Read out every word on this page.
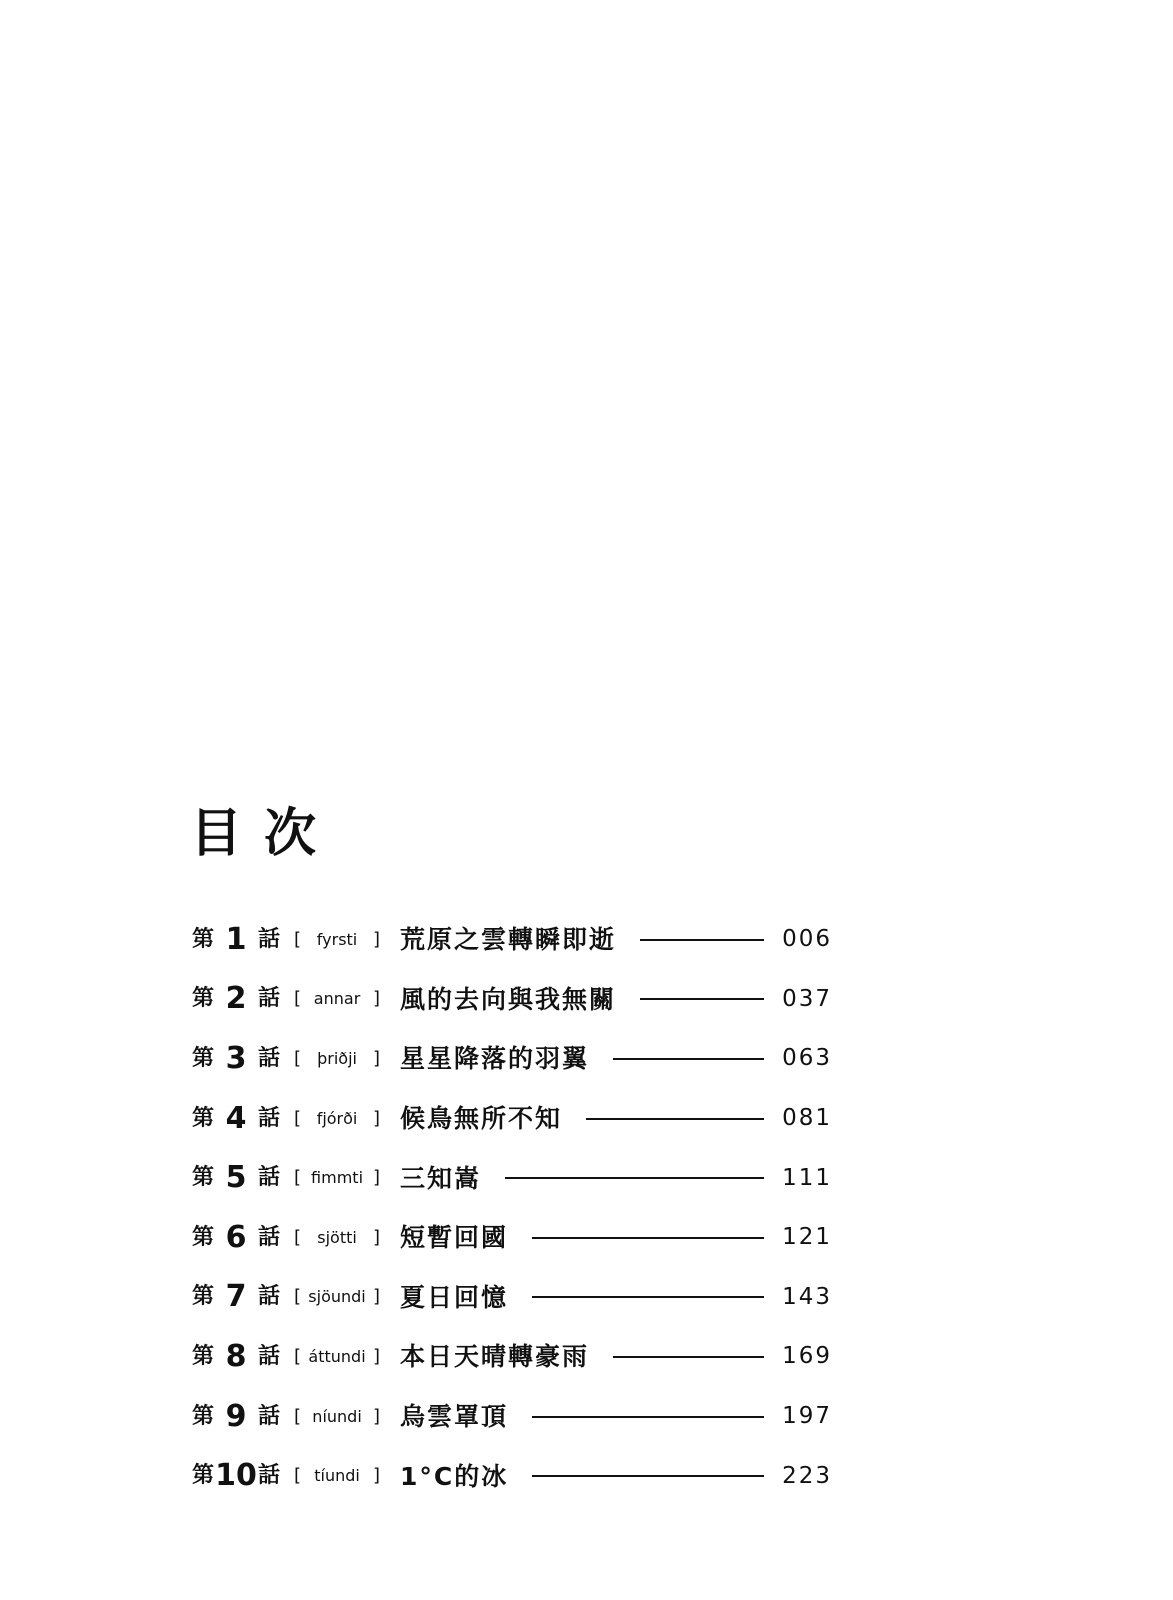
目次
第 1 話 [ fyrsti ] 荒原之雲轉瞬即逝	006
第 2 話 [ annar ] 風的去向與我無關	037
第 3 話 [ þriðji ] 星星降落的羽翼	063
第 4 話 [ fjórði ] 候鳥無所不知	081
第 5 話 [ fimmti ] 三知嵩	111
第 6 話 [ sjötti ] 短暫回國	121
第 7 話 [ sjöundi ] 夏日回憶	143
第 8 話 [ áttundi ] 本日天晴轉豪雨	169
第 9 話 [ níundi ] 烏雲罩頂	197
第 10 話 [ tíundi ] 1°C的冰	223
